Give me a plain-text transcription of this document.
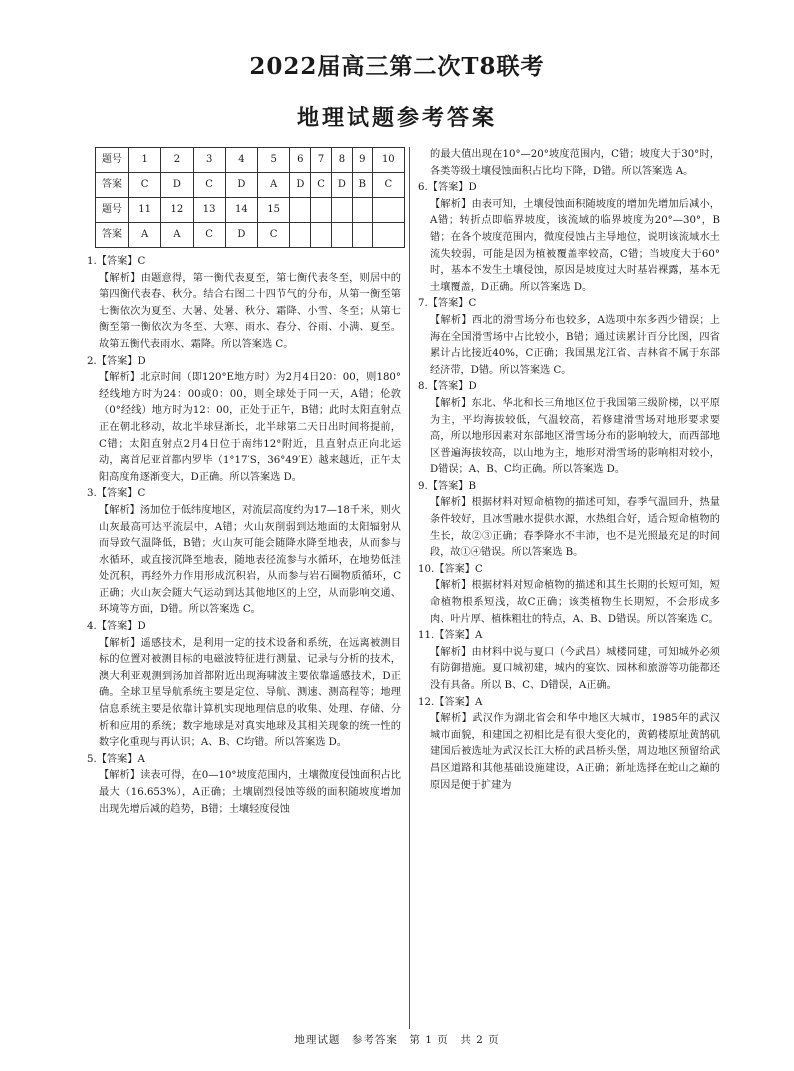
2022届高三第二次T8联考
地理试题参考答案
题号	1	2	3	4	5	6	7	8	9	10
答案	C	D	C	D	A	D	C	D	B	C
题号	11	12	13	14	15					
答案	A	A	C	D	C					

1.【答案】C

【解析】由题意得，第一衡代表夏至，第七衡代表冬至，则居中的第四衡代表春、秋分。结合右图二十四节气的分布，从第一衡至第七衡依次为夏至、大暑、处暑、秋分、霜降、小雪、冬至；从第七衡至第一衡依次为冬至、大寒、雨水、春分、谷雨、小满、夏至。故第五衡代表雨水、霜降。所以答案选 C。

2.【答案】D

【解析】北京时间（即120°E地方时）为2月4日20：00，则180°经线地方时为24：00或0：00，则全球处于同一天，A错；伦敦（0°经线）地方时为12：00，正处于正午，B错；此时太阳直射点正在朝北移动，故北半球昼渐长，北半球第二天日出时间将提前，C错；太阳直射点2月4日位于南纬12°附近，且直射点正向北运动，离首尼亚首都内罗毕（1°17′S，36°49′E）越来越近，正午太阳高度角逐渐变大，D正确。所以答案选 D。

3.【答案】C

【解析】汤加位于低纬度地区，对流层高度约为17—18千米，则火山灰最高可达平流层中，A错；火山灰削弱到达地面的太阳辐射从而导致气温降低，B错；火山灰可能会随降水降至地表，从而参与水循环，或直接沉降至地表，随地表径流参与水循环，在地势低洼处沉积，再经外力作用形成沉积岩，从而参与岩石圈物质循环，C正确；火山灰会随大气运动到达其他地区的上空，从而影响交通、环境等方面，D错。所以答案选 C。

4.【答案】D

【解析】遥感技术，是利用一定的技术设备和系统，在远离被测目标的位置对被测目标的电磁波特征进行测量、记录与分析的技术，澳大利亚观测到汤加首都附近出现海啸波主要依靠遥感技术，D正确。全球卫星导航系统主要是定位、导航、测速、测高程等；地理信息系统主要是依靠计算机实现地理信息的收集、处理、存储、分析和应用的系统；数字地球是对真实地球及其相关现象的统一性的数字化重现与再认识；A、B、C均错。所以答案选 D。

5.【答案】A

【解析】读表可得，在0—10°坡度范围内，土壤微度侵蚀面积占比最大（16.653%），A正确；土壤剧烈侵蚀等级的面积随坡度增加出现先增后减的趋势，B错；土壤轻度侵蚀

的最大值出现在10°—20°坡度范围内，C错；坡度大于30°时，各类等级土壤侵蚀面积占比均下降，D错。所以答案选 A。

6.【答案】D

【解析】由表可知，土壤侵蚀面积随坡度的增加先增加后减小，A错；转折点即临界坡度，该流域的临界坡度为20°—30°，B错；在各个坡度范围内，微度侵蚀占主导地位，说明该流域水土流失较弱，可能是因为植被覆盖率较高，C错；当坡度大于60°时，基本不发生土壤侵蚀，原因是坡度过大时基岩裸露，基本无土壤覆盖，D正确。所以答案选 D。

7.【答案】C

【解析】西北的滑雪场分布也较多，A选项中东多西少错误；上海在全国滑雪场中占比较小，B错；通过读累计百分比图，四省累计占比接近40%，C正确；我国黑龙江省、吉林省不属于东部经济带，D错。所以答案选 C。

8.【答案】D

【解析】东北、华北和长三角地区位于我国第三级阶梯，以平原为主，平均海拔较低，气温较高，若修建滑雪场对地形要求要高，所以地形因素对东部地区滑雪场分布的影响较大，而西部地区普遍海拔较高，以山地为主，地形对滑雪场的影响相对较小，D错误；A、B、C均正确。所以答案选 D。

9.【答案】B

【解析】根据材料对短命植物的描述可知，春季气温回升，热量条件较好，且冰雪融水提供水源，水热组合好，适合短命植物的生长，故②③正确；春季降水不丰沛，也不是光照最充足的时间段，故①④错误。所以答案选 B。

10.【答案】C

【解析】根据材料对短命植物的描述和其生长期的长短可知，短命植物根系短浅，故C正确；该类植物生长期短，不会形成多肉、叶片厚、植株粗壮的特点，A、B、D错误。所以答案选 C。

11.【答案】A

【解析】由材料中说与夏口（今武昌）城楼同建，可知城外必须有防御措施。夏口城初建，城内的宴饮、园林和旅游等功能都还没有具备。所以 B、C、D错误，A正确。

12.【答案】A

【解析】武汉作为湖北省会和华中地区大城市，1985年的武汉城市面貌，和建国之初相比是有很大变化的，黄鹤楼原址黄鹄矶建国后被选址为武汉长江大桥的武昌桥头堡，周边地区预留给武昌区道路和其他基础设施建设，A正确；新址选择在蛇山之巅的原因是便于扩建为

地理试题　参考答案　第 1 页　共 2 页
